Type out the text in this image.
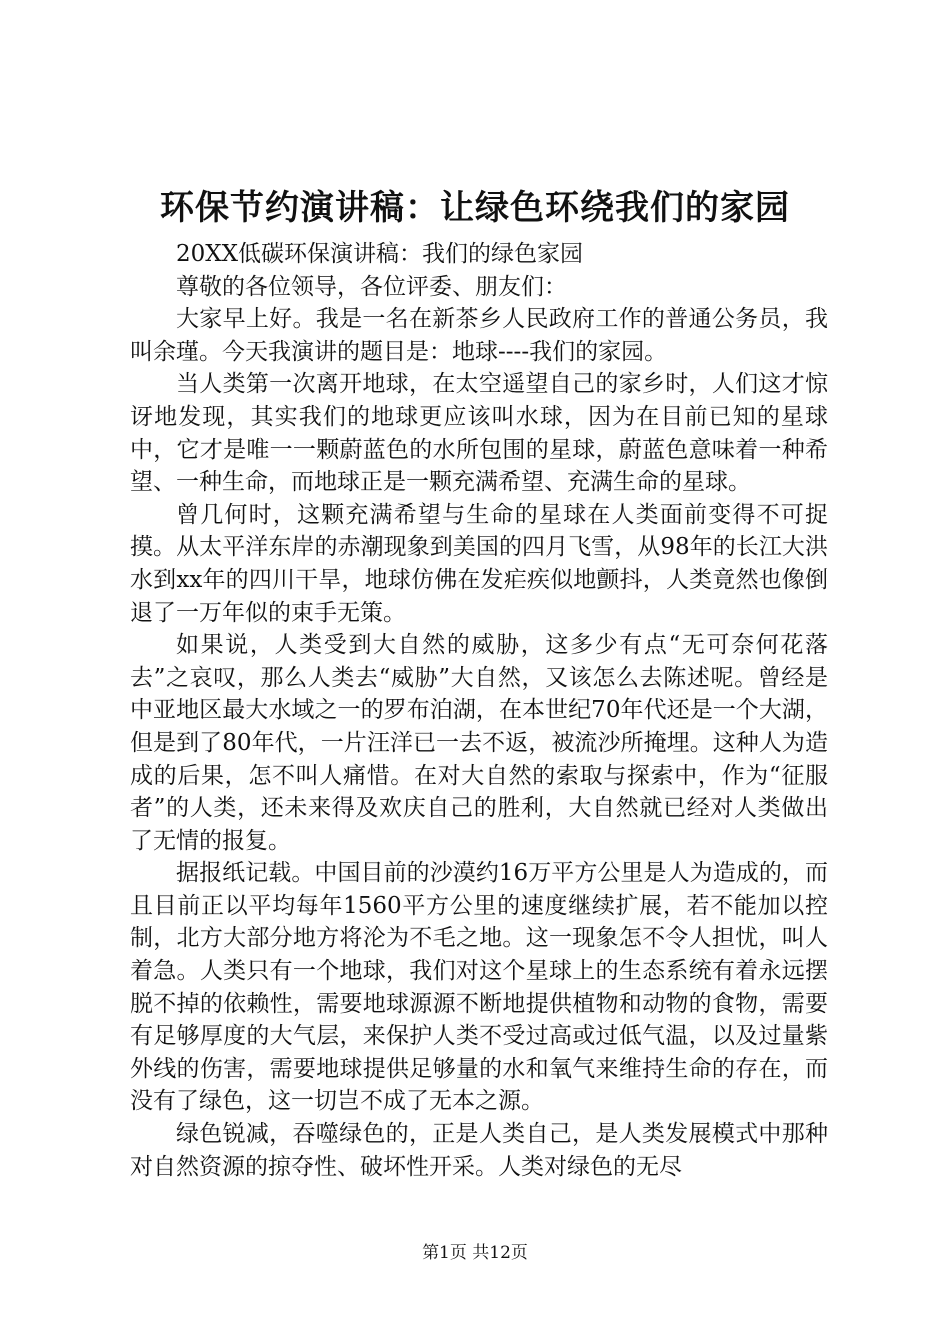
环保节约演讲稿：让绿色环绕我们的家园

20XX低碳环保演讲稿：我们的绿色家园

尊敬的各位领导，各位评委、朋友们：

大家早上好。我是一名在新茶乡人民政府工作的普通公务员，我叫余瑾。今天我演讲的题目是：地球----我们的家园。

当人类第一次离开地球，在太空遥望自己的家乡时，人们这才惊讶地发现，其实我们的地球更应该叫水球，因为在目前已知的星球中，它才是唯一一颗蔚蓝色的水所包围的星球，蔚蓝色意味着一种希望、一种生命，而地球正是一颗充满希望、充满生命的星球。

曾几何时，这颗充满希望与生命的星球在人类面前变得不可捉摸。从太平洋东岸的赤潮现象到美国的四月飞雪，从98年的长江大洪水到xx年的四川干旱，地球仿佛在发疟疾似地颤抖，人类竟然也像倒退了一万年似的束手无策。

如果说，人类受到大自然的威胁，这多少有点“无可奈何花落去”之哀叹，那么人类去“威胁”大自然，又该怎么去陈述呢。曾经是中亚地区最大水域之一的罗布泊湖，在本世纪70年代还是一个大湖，但是到了80年代，一片汪洋已一去不返，被流沙所掩埋。这种人为造成的后果，怎不叫人痛惜。在对大自然的索取与探索中，作为“征服者”的人类，还未来得及欢庆自己的胜利，大自然就已经对人类做出了无情的报复。

据报纸记载。中国目前的沙漠约16万平方公里是人为造成的，而且目前正以平均每年1560平方公里的速度继续扩展，若不能加以控制，北方大部分地方将沦为不毛之地。这一现象怎不令人担忧，叫人着急。人类只有一个地球，我们对这个星球上的生态系统有着永远摆脱不掉的依赖性，需要地球源源不断地提供植物和动物的食物，需要有足够厚度的大气层，来保护人类不受过高或过低气温，以及过量紫外线的伤害，需要地球提供足够量的水和氧气来维持生命的存在，而没有了绿色，这一切岂不成了无本之源。

绿色锐减，吞噬绿色的，正是人类自己，是人类发展模式中那种对自然资源的掠夺性、破坏性开采。人类对绿色的无尽

第1页 共12页
